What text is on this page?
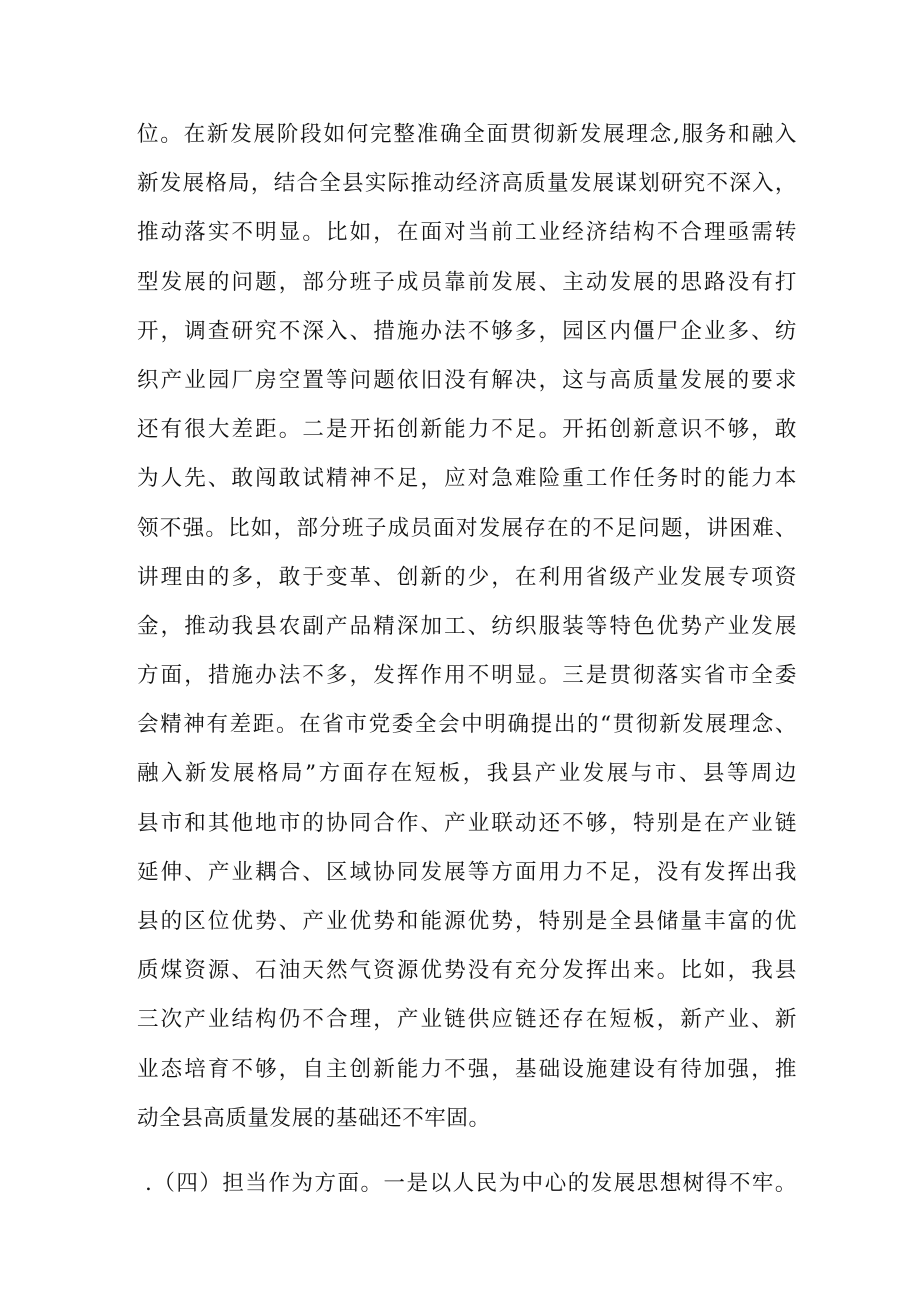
位。在新发展阶段如何完整准确全面贯彻新发展理念,服务和融入
新发展格局，结合全县实际推动经济高质量发展谋划研究不深入，
推动落实不明显。比如，在面对当前工业经济结构不合理亟需转
型发展的问题，部分班子成员靠前发展、主动发展的思路没有打
开，调查研究不深入、措施办法不够多，园区内僵尸企业多、纺
织产业园厂房空置等问题依旧没有解决，这与高质量发展的要求
还有很大差距。二是开拓创新能力不足。开拓创新意识不够，敢
为人先、敢闯敢试精神不足，应对急难险重工作任务时的能力本
领不强。比如，部分班子成员面对发展存在的不足问题，讲困难、
讲理由的多，敢于变革、创新的少，在利用省级产业发展专项资
金，推动我县农副产品精深加工、纺织服装等特色优势产业发展
方面，措施办法不多，发挥作用不明显。三是贯彻落实省市全委
会精神有差距。在省市党委全会中明确提出的“贯彻新发展理念、
融入新发展格局”方面存在短板，我县产业发展与市、县等周边
县市和其他地市的协同合作、产业联动还不够，特别是在产业链
延伸、产业耦合、区域协同发展等方面用力不足，没有发挥出我
县的区位优势、产业优势和能源优势，特别是全县储量丰富的优
质煤资源、石油天然气资源优势没有充分发挥出来。比如，我县
三次产业结构仍不合理，产业链供应链还存在短板，新产业、新
业态培育不够，自主创新能力不强，基础设施建设有待加强，推
动全县高质量发展的基础还不牢固。
.（四）担当作为方面。一是以人民为中心的发展思想树得不牢。
